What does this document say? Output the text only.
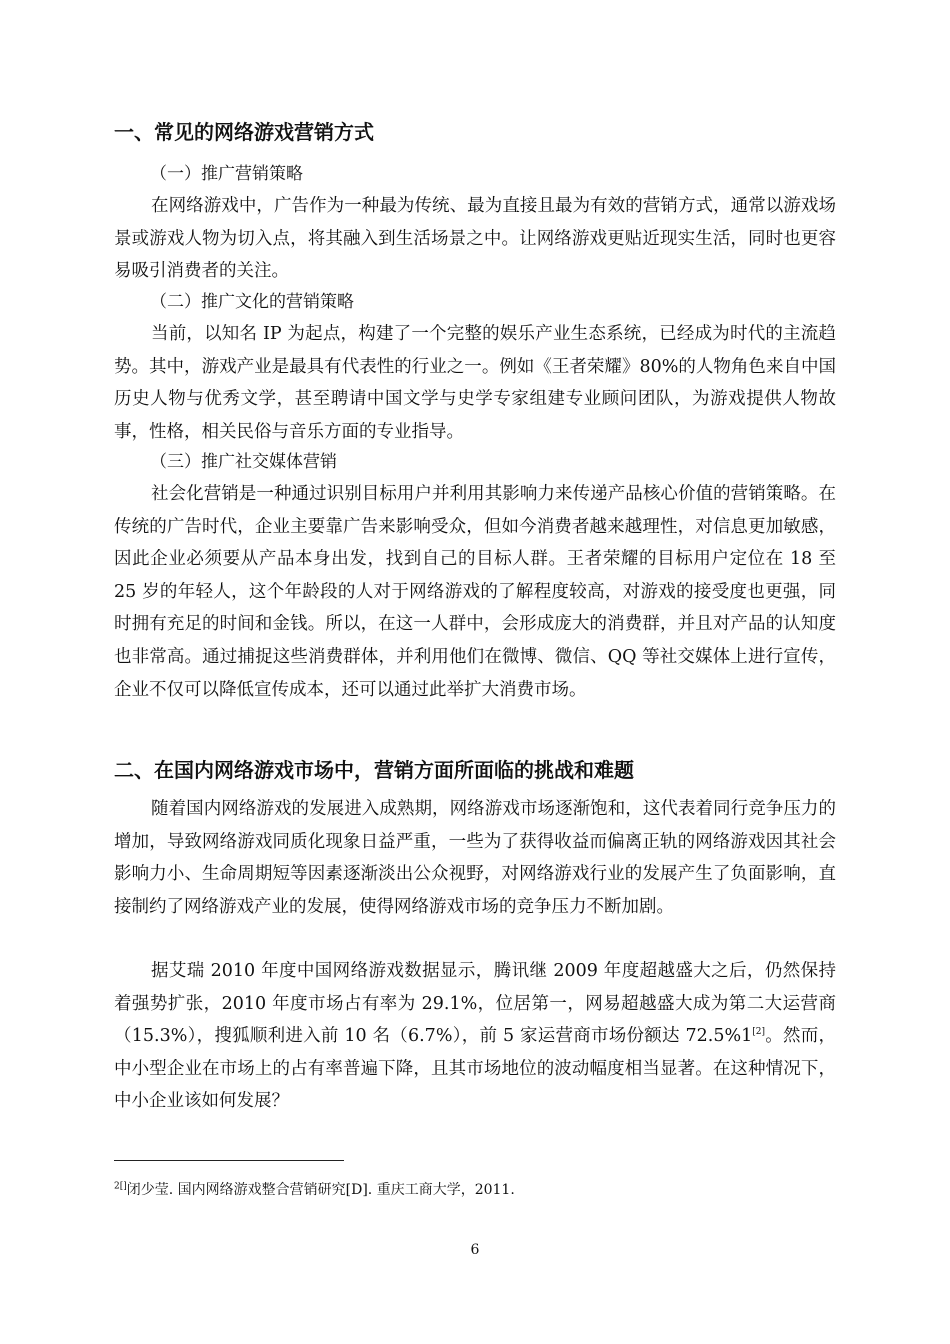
一、常见的网络游戏营销方式
（一）推广营销策略

在网络游戏中，广告作为一种最为传统、最为直接且最为有效的营销方式，通常以游戏场景或游戏人物为切入点，将其融入到生活场景之中。让网络游戏更贴近现实生活，同时也更容易吸引消费者的关注。

（二）推广文化的营销策略

当前，以知名 IP 为起点，构建了一个完整的娱乐产业生态系统，已经成为时代的主流趋势。其中，游戏产业是最具有代表性的行业之一。例如《王者荣耀》80%的人物角色来自中国历史人物与优秀文学，甚至聘请中国文学与史学专家组建专业顾问团队，为游戏提供人物故事，性格，相关民俗与音乐方面的专业指导。

（三）推广社交媒体营销

社会化营销是一种通过识别目标用户并利用其影响力来传递产品核心价值的营销策略。在传统的广告时代，企业主要靠广告来影响受众，但如今消费者越来越理性，对信息更加敏感，因此企业必须要从产品本身出发，找到自己的目标人群。王者荣耀的目标用户定位在 18 至 25 岁的年轻人，这个年龄段的人对于网络游戏的了解程度较高，对游戏的接受度也更强，同时拥有充足的时间和金钱。所以，在这一人群中，会形成庞大的消费群，并且对产品的认知度也非常高。通过捕捉这些消费群体，并利用他们在微博、微信、QQ 等社交媒体上进行宣传，企业不仅可以降低宣传成本，还可以通过此举扩大消费市场。

二、在国内网络游戏市场中，营销方面所面临的挑战和难题

随着国内网络游戏的发展进入成熟期，网络游戏市场逐渐饱和，这代表着同行竞争压力的增加，导致网络游戏同质化现象日益严重，一些为了获得收益而偏离正轨的网络游戏因其社会影响力小、生命周期短等因素逐渐淡出公众视野，对网络游戏行业的发展产生了负面影响，直接制约了网络游戏产业的发展，使得网络游戏市场的竞争压力不断加剧。

据艾瑞 2010 年度中国网络游戏数据显示，腾讯继 2009 年度超越盛大之后，仍然保持着强势扩张，2010 年度市场占有率为 29.1%，位居第一，网易超越盛大成为第二大运营商（15.3%），搜狐顺利进入前 10 名（6.7%），前 5 家运营商市场份额达 72.5%1[2]。然而，中小型企业在市场上的占有率普遍下降，且其市场地位的波动幅度相当显著。在这种情况下，中小企业该如何发展？

$^{2[]}$闭少莹. 国内网络游戏整合营销研究[D]. 重庆工商大学，2011.
6
